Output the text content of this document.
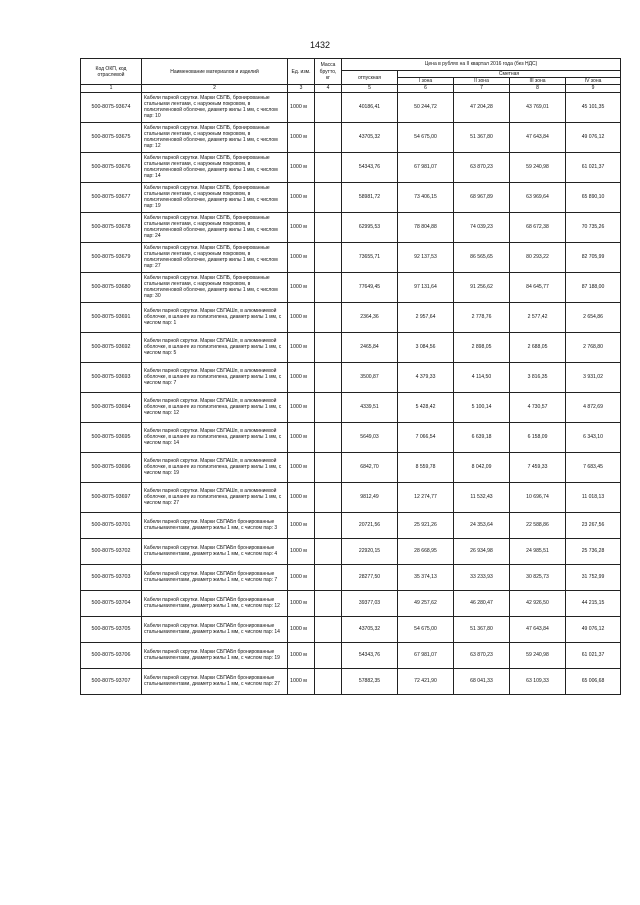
1432
Код ОКП, код отраслевой	Наименование материалов и изделий	Ед. изм.	Масса брутто, кг	Цена в рублях на II квартал 2016 года (без НДС)				
				отпускная	Сметная			
					I зона	II зона	III зона	IV зона
1	2	3	4	5	6	7	8	9
500-8075-93674	Кабели парной скрутки. Марки СБПБ, бронированные стальными лентами, с наружным покровом, в полиэтиленовой оболочке, диаметр жилы 1 мм, с числом пар: 10	1000 м		40186,41	50 244,72	47 204,28	43 769,01	45 101,35
500-8075-93675	Кабели парной скрутки. Марки СБПБ, бронированные стальными лентами, с наружным покровом, в полиэтиленовой оболочке, диаметр жилы 1 мм, с числом пар: 12	1000 м		43705,32	54 675,00	51 367,80	47 643,84	49 076,12
500-8075-93676	Кабели парной скрутки. Марки СБПБ, бронированные стальными лентами, с наружным покровом, в полиэтиленовой оболочке, диаметр жилы 1 мм, с числом пар: 14	1000 м		54343,76	67 981,07	63 870,23	59 240,98	61 021,37
500-8075-93677	Кабели парной скрутки. Марки СБПБ, бронированные стальными лентами, с наружным покровом, в полиэтиленовой оболочке, диаметр жилы 1 мм, с числом пар: 19	1000 м		58981,72	73 406,15	68 967,89	63 969,64	65 890,10
500-8075-93678	Кабели парной скрутки. Марки СБПБ, бронированные стальными лентами, с наружным покровом, в полиэтиленовой оболочке, диаметр жилы 1 мм, с числом пар: 24	1000 м		62995,53	78 804,88	74 039,23	68 672,38	70 735,26
500-8075-93679	Кабели парной скрутки. Марки СБПБ, бронированные стальными лентами, с наружным покровом, в полиэтиленовой оболочке, диаметр жилы 1 мм, с числом пар: 27	1000 м		73655,71	92 137,53	86 565,65	80 293,22	82 705,99
500-8075-93680	Кабели парной скрутки. Марки СБПБ, бронированные стальными лентами, с наружным покровом, в полиэтиленовой оболочке, диаметр жилы 1 мм, с числом пар: 30	1000 м		77649,45	97 131,64	91 256,62	84 645,77	87 188,00
500-8075-93691	Кабели парной скрутки. Марки СБПАШп, в алюминиевой оболочке, в шланге из полиэтилена, диаметр жилы 1 мм, с числом пар: 1	1000 м		2364,36	2 957,64	2 778,76	2 577,42	2 654,86
500-8075-93692	Кабели парной скрутки. Марки СБПАШп, в алюминиевой оболочке, в шланге из полиэтилена, диаметр жилы 1 мм, с числом пар: 5	1000 м		2465,84	3 084,56	2 898,05	2 688,05	2 768,80
500-8075-93693	Кабели парной скрутки. Марки СБПАШп, в алюминиевой оболочке, в шланге из полиэтилена, диаметр жилы 1 мм, с числом пар: 7	1000 м		3500,87	4 379,33	4 114,50	3 816,35	3 931,02
500-8075-93694	Кабели парной скрутки. Марки СБПАШп, в алюминиевой оболочке, в шланге из полиэтилена, диаметр жилы 1 мм, с числом пар: 12	1000 м		4339,51	5 428,42	5 100,14	4 730,57	4 872,69
500-8075-93695	Кабели парной скрутки. Марки СБПАШп, в алюминиевой оболочке, в шланге из полиэтилена, диаметр жилы 1 мм, с числом пар: 14	1000 м		5649,03	7 066,54	6 639,18	6 158,09	6 343,10
500-8075-93696	Кабели парной скрутки. Марки СБПАШп, в алюминиевой оболочке, в шланге из полиэтилена, диаметр жилы 1 мм, с числом пар: 19	1000 м		6842,70	8 559,78	8 042,09	7 459,33	7 683,45
500-8075-93697	Кабели парной скрутки. Марки СБПАШп, в алюминиевой оболочке, в шланге из полиэтилена, диаметр жилы 1 мм, с числом пар: 27	1000 м		9812,49	12 274,77	11 532,43	10 696,74	11 018,13
500-8075-93701	Кабели парной скрутки. Марки СБПАБп бронированные стальнымилентами, диаметр жилы 1 мм, с числом пар: 3	1000 м		20721,56	25 921,26	24 353,64	22 588,86	23 267,56
500-8075-93702	Кабели парной скрутки. Марки СБПАБп бронированные стальнымилентами, диаметр жилы 1 мм, с числом пар: 4	1000 м		22920,15	28 668,95	26 934,98	24 985,51	25 736,28
500-8075-93703	Кабели парной скрутки. Марки СБПАБп бронированные стальнымилентами, диаметр жилы 1 мм, с числом пар: 7	1000 м		28277,50	35 374,13	33 233,93	30 825,73	31 752,99
500-8075-93704	Кабели парной скрутки. Марки СБПАБп бронированные стальнымилентами, диаметр жилы 1 мм, с числом пар: 12	1000 м		39377,03	49 257,62	46 280,47	42 926,50	44 215,15
500-8075-93705	Кабели парной скрутки. Марки СБПАБп бронированные стальнымилентами, диаметр жилы 1 мм, с числом пар: 14	1000 м		43705,32	54 675,00	51 367,80	47 643,84	49 076,12
500-8075-93706	Кабели парной скрутки. Марки СБПАБп бронированные стальнымилентами, диаметр жилы 1 мм, с числом пар: 19	1000 м		54343,76	67 981,07	63 870,23	59 240,98	61 021,37
500-8075-93707	Кабели парной скрутки. Марки СБПАБп бронированные стальнымилентами, диаметр жилы 1 мм, с числом пар: 27	1000 м		57882,35	72 421,90	68 041,33	63 109,33	65 006,68
